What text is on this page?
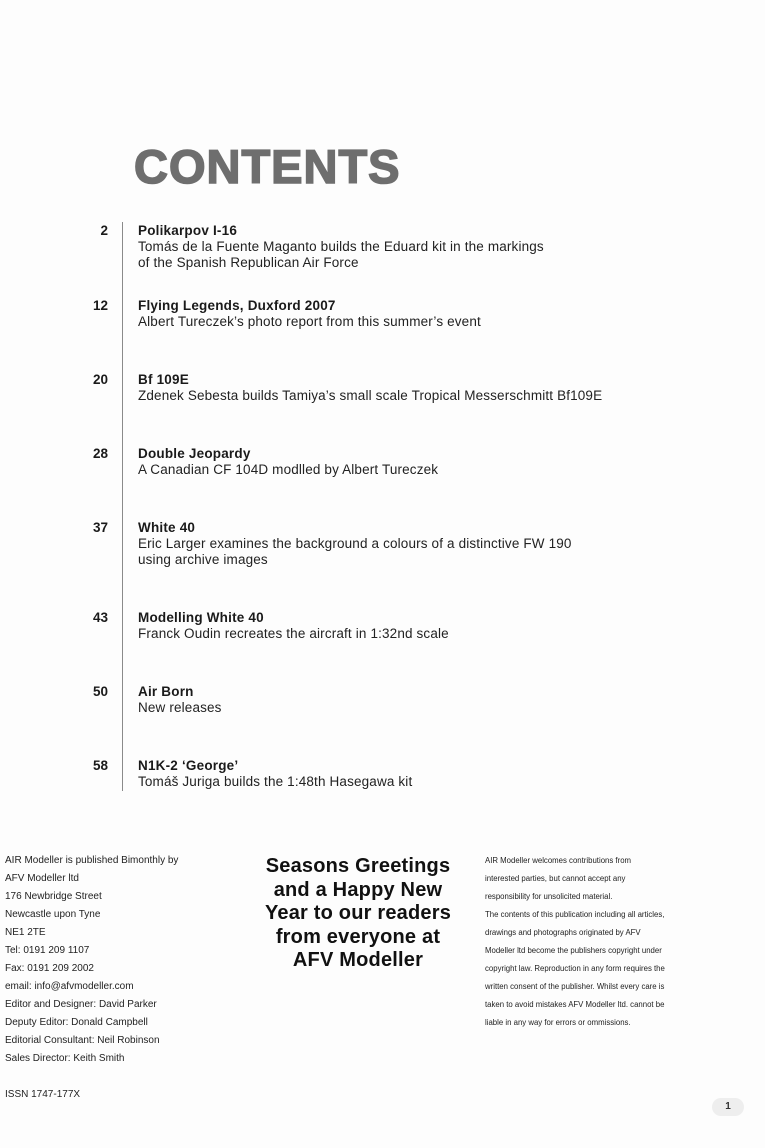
CONTENTS
2 Polikarpov I-16
Tomás de la Fuente Maganto builds the Eduard kit in the markings
of the Spanish Republican Air Force
12 Flying Legends, Duxford 2007
Albert Tureczek’s photo report from this summer’s event
20 Bf 109E
Zdenek Sebesta builds Tamiya’s small scale Tropical Messerschmitt Bf109E
28 Double Jeopardy
A Canadian CF 104D modlled by Albert Tureczek
37 White 40
Eric Larger examines the background a colours of a distinctive FW 190
using archive images
43 Modelling White 40
Franck Oudin recreates the aircraft in 1:32nd scale
50 Air Born
New releases
58 N1K-2 ‘George’
Tomáš Juriga builds the 1:48th Hasegawa kit
AIR Modeller is published Bimonthly by
AFV Modeller ltd
176 Newbridge Street
Newcastle upon Tyne
NE1 2TE
Tel: 0191 209 1107
Fax: 0191 209 2002
email: info@afvmodeller.com
Editor and Designer: David Parker
Deputy Editor: Donald Campbell
Editorial Consultant: Neil Robinson
Sales Director: Keith Smith
ISSN 1747-177X
Seasons Greetings
and a Happy New
Year to our readers
from everyone at
AFV Modeller
AIR Modeller welcomes contributions from
interested parties, but cannot accept any
responsibility for unsolicited material.
The contents of this publication including all articles,
drawings and photographs originated by AFV
Modeller ltd become the publishers copyright under
copyright law. Reproduction in any form requires the
written consent of the publisher. Whilst every care is
taken to avoid mistakes AFV Modeller ltd. cannot be
liable in any way for errors or ommissions.
1
